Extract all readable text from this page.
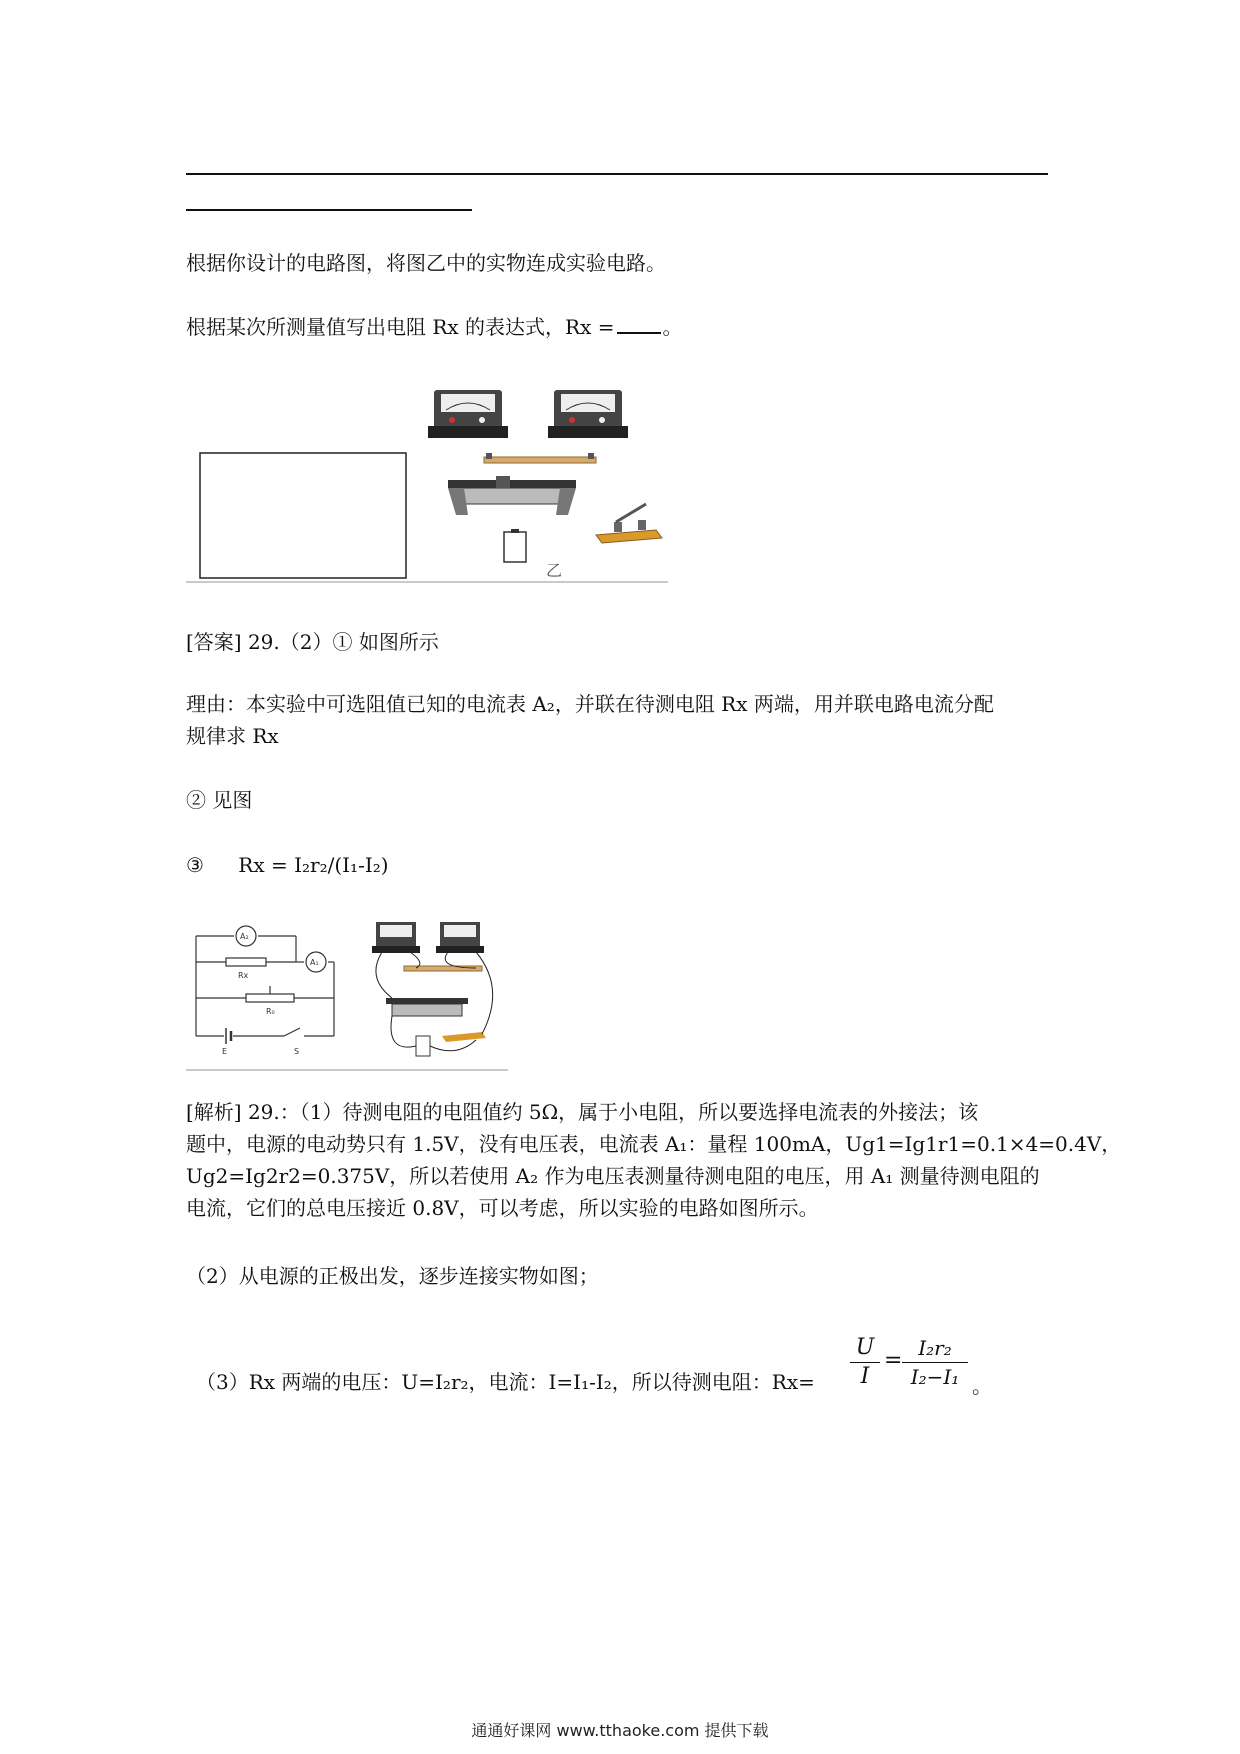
根据你设计的电路图，将图乙中的实物连成实验电路。
根据某次所测量值写出电阻 Rx 的表达式，Rx = 。
乙
[答案] 29.（2）① 如图所示
理由：本实验中可选阻值已知的电流表 A₂，并联在待测电阻 Rx 两端，用并联电路电流分配
规律求 Rx
② 见图
③ Rx = I₂r₂/(I₁-I₂)
A₂
A₁
Rx
R₀
E	S
[解析] 29.：（1）待测电阻的电阻值约 5Ω，属于小电阻，所以要选择电流表的外接法；该
题中，电源的电动势只有 1.5V，没有电压表，电流表 A₁：量程 100mA，Ug1=Ig1r1=0.1×4=0.4V，
Ug2=Ig2r2=0.375V，所以若使用 A₂ 作为电压表测量待测电阻的电压，用 A₁ 测量待测电阻的
电流，它们的总电压接近 0.8V，可以考虑，所以实验的电路如图所示。
（2）从电源的正极出发，逐步连接实物如图；
（3）Rx 两端的电压：U=I₂r₂，电流：I=I₁-I₂，所以待测电阻：Rx=
U
I
= I₂r₂
I₂−I₁ 。
通通好课网 www.tthaoke.com 提供下载
